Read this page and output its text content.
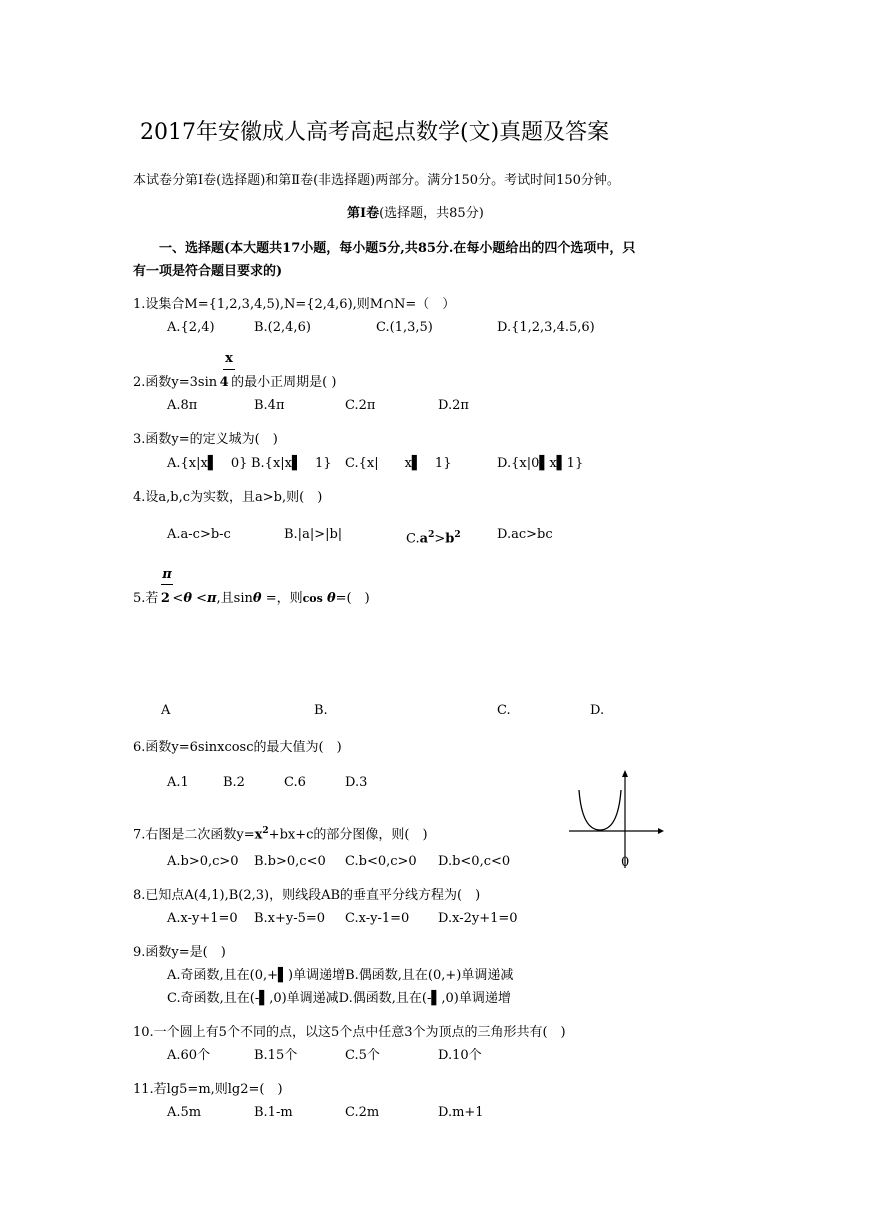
2017年安徽成人高考高起点数学(文)真题及答案
本试卷分第Ⅰ卷(选择题)和第Ⅱ卷(非选择题)两部分。满分150分。考试时间150分钟。
第Ⅰ卷(选择题，共85分)
一、选择题(本大题共17小题，每小题5分,共85分.在每小题给出的四个选项中，只
有一项是符合题目要求的)
1.设集合M={1,2,3,4,5),N={2,4,6),则M∩N=（　）
A.{2,4)	B.(2,4,6)	C.(1,3,5)	D.{1,2,3,4.5,6)
x
2.函数y=3sin 4 的最小正周期是( )
A.8π	B.4π	C.2π	D.2π
3.函数y=的定义城为(　)
A.{x|x▌　0} B.{x|x▌　1} C.{x|　　x▌　1}	D.{x|0▌x▌1}
4.设a,b,c为实数，且a>b,则(　)
A.a-c>b-c	B.|a|>|b|	$C.a^2>b^2$	D.ac>bc
π
5.若 2 <θ <π,且sinθ =，则cos θ=(　)
A	B.	C.	D.
6.函数y=6sinxcosc的最大值为(　)
A.1	B.2	C.6	D.3
0
7.右图是二次函数$y=x^2+bx+c$的部分图像，则(　)
A.b>0,c>0 B.b>0,c<0 C.b<0,c>0 D.b<0,c<0
8.已知点A(4,1),B(2,3)，则线段AB的垂直平分线方程为(　)
A.x-y+1=0 B.x+y-5=0 C.x-y-1=0 D.x-2y+1=0
9.函数y=是(　)
A.奇函数,且在(0,+▌)单调递增B.偶函数,且在(0,+)单调递减
C.奇函数,且在(-▌,0)单调递减D.偶函数,且在(-▌,0)单调递增
10.一个圆上有5个不同的点，以这5个点中任意3个为顶点的三角形共有(　)
A.60个	B.15个	C.5个	D.10个
11.若lg5=m,则lg2=(　)
A.5m	B.1-m	C.2m	D.m+1
